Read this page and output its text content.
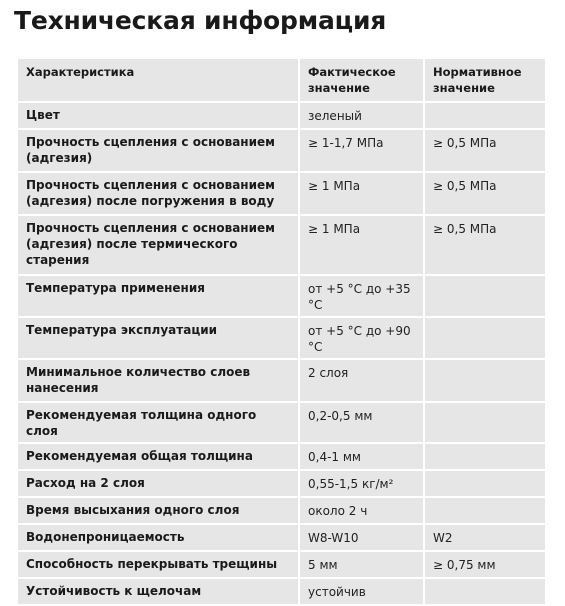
Техническая информация
Характеристика	Фактическое значение	Нормативное значение
Цвет	зеленый	
Прочность сцепления с основанием (адгезия)	≥ 1-1,7 МПа	≥ 0,5 МПа
Прочность сцепления с основанием (адгезия) после погружения в воду	≥ 1 МПа	≥ 0,5 МПа
Прочность сцепления с основанием (адгезия) после термического старения	≥ 1 МПа	≥ 0,5 МПа
Температура применения	от +5 °С до +35 °С	
Температура эксплуатации	от +5 °С до +90 °С	
Минимальное количество слоев нанесения	2 слоя	
Рекомендуемая толщина одного слоя	0,2-0,5 мм	
Рекомендуемая общая толщина	0,4-1 мм	
Расход на 2 слоя	0,55-1,5 кг/м²	
Время высыхания одного слоя	около 2 ч	
Водонепроницаемость	W8-W10	W2
Способность перекрывать трещины	5 мм	≥ 0,75 мм
Устойчивость к щелочам	устойчив	
